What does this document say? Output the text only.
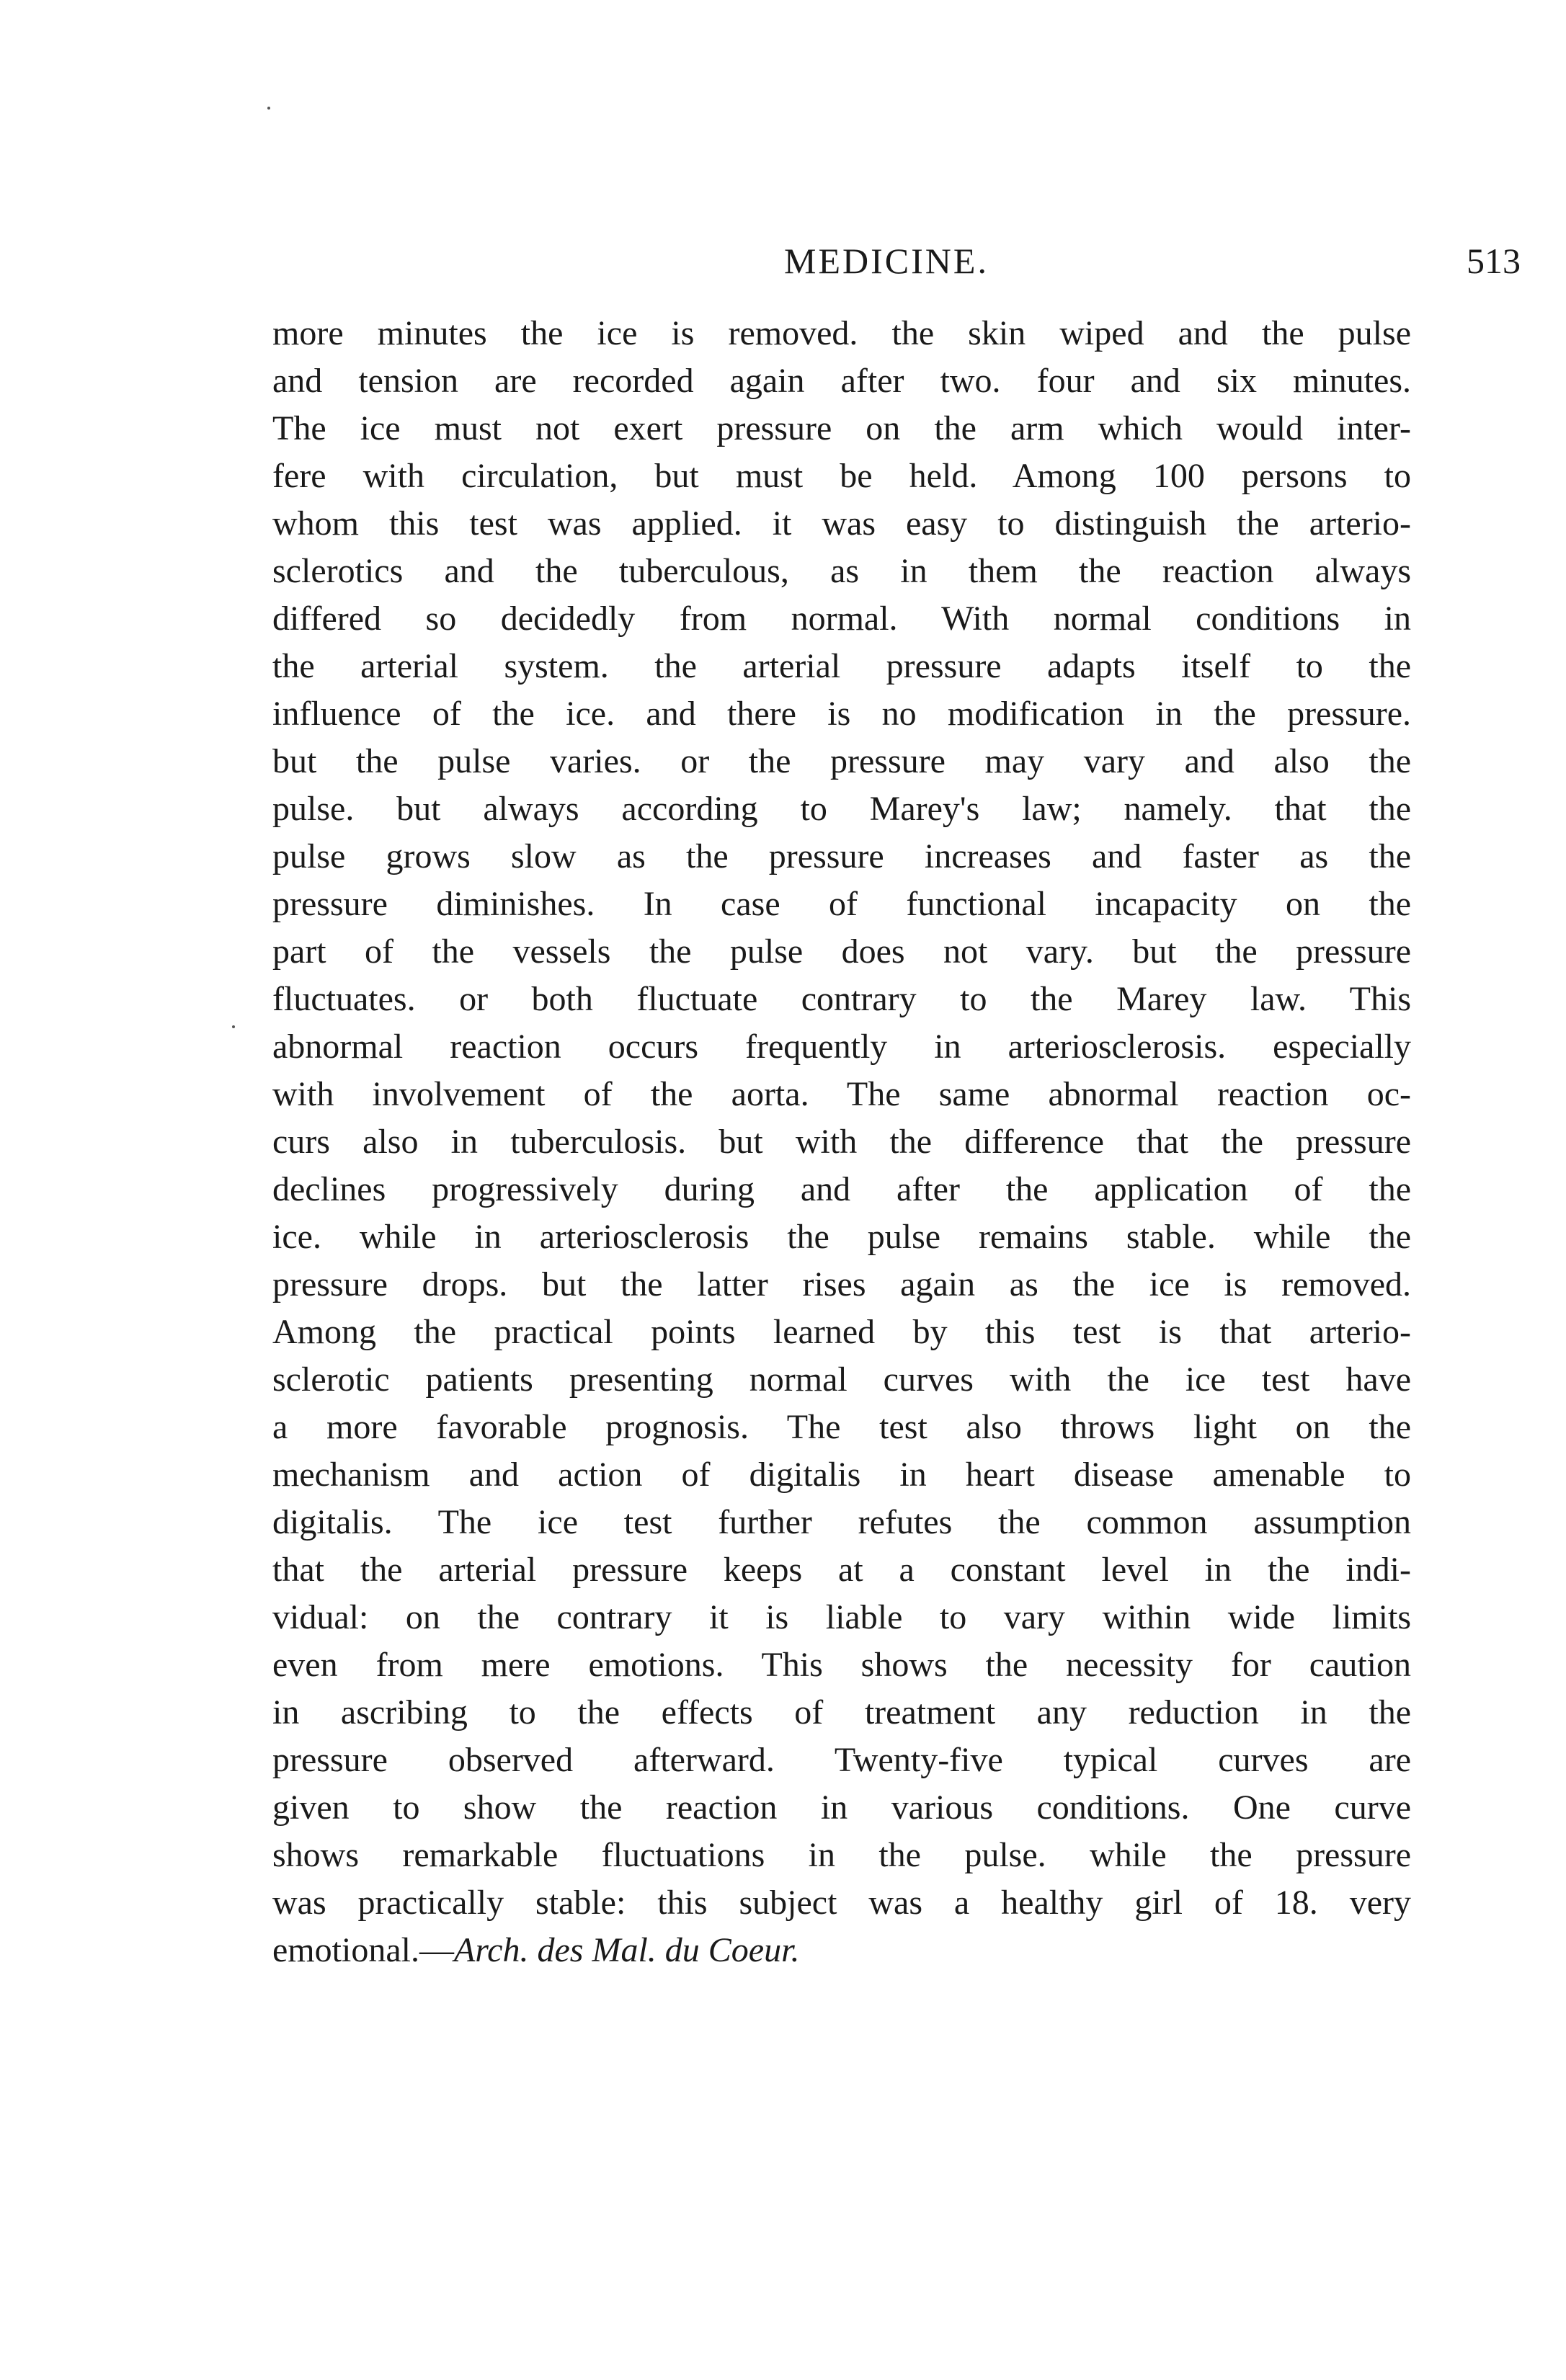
MEDICINE.	513
more minutes the ice is removed. the skin wiped and the pulse
and tension are recorded again after two. four and six minutes.
The ice must not exert pressure on the arm which would inter-
fere with circulation, but must be held. Among 100 persons to
whom this test was applied. it was easy to distinguish the arterio-
sclerotics and the tuberculous, as in them the reaction always
differed so decidedly from normal. With normal conditions in
the arterial system. the arterial pressure adapts itself to the
influence of the ice. and there is no modification in the pressure.
but the pulse varies. or the pressure may vary and also the
pulse. but always according to Marey's law; namely. that the
pulse grows slow as the pressure increases and faster as the
pressure diminishes. In case of functional incapacity on the
part of the vessels the pulse does not vary. but the pressure
fluctuates. or both fluctuate contrary to the Marey law. This
abnormal reaction occurs frequently in arteriosclerosis. especially
with involvement of the aorta. The same abnormal reaction oc-
curs also in tuberculosis. but with the difference that the pressure
declines progressively during and after the application of the
ice. while in arteriosclerosis the pulse remains stable. while the
pressure drops. but the latter rises again as the ice is removed.
Among the practical points learned by this test is that arterio-
sclerotic patients presenting normal curves with the ice test have
a more favorable prognosis. The test also throws light on the
mechanism and action of digitalis in heart disease amenable to
digitalis. The ice test further refutes the common assumption
that the arterial pressure keeps at a constant level in the indi-
vidual: on the contrary it is liable to vary within wide limits
even from mere emotions. This shows the necessity for caution
in ascribing to the effects of treatment any reduction in the
pressure observed afterward. Twenty-five typical curves are
given to show the reaction in various conditions. One curve
shows remarkable fluctuations in the pulse. while the pressure
was practically stable: this subject was a healthy girl of 18. very
emotional.—Arch. des Mal. du Coeur.
